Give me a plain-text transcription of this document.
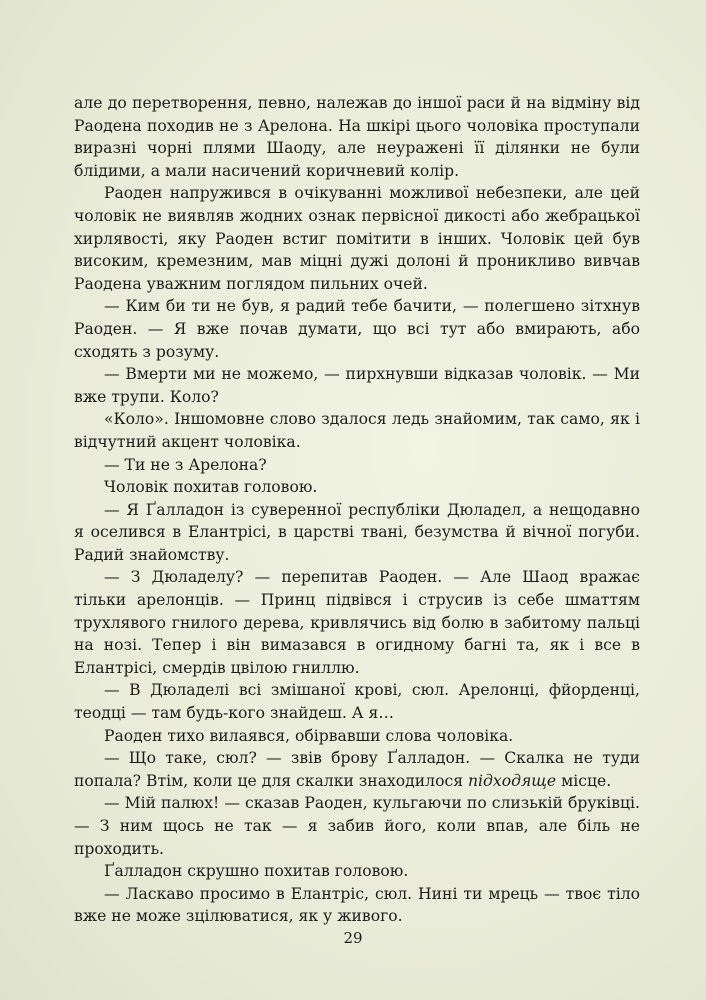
але до перетворення, певно, належав до іншої раси й на відміну від Раодена походив не з Арелона. На шкірі цього чоловіка проступали виразні чорні плями Шаоду, але неуражені її ділянки не були блідими, а мали насичений коричневий колір.

Раоден напружився в очікуванні можливої небезпеки, але цей чоловік не виявляв жодних ознак первісної дикості або жебрацької хирлявості, яку Раоден встиг помітити в інших. Чоловік цей був високим, кремезним, мав міцні дужі долоні й проникливо вивчав Раодена уважним поглядом пильних очей.

— Ким би ти не був, я радий тебе бачити, — полегшено зітхнув Раоден. — Я вже почав думати, що всі тут або вмирають, або сходять з розуму.

— Вмерти ми не можемо, — пирхнувши відказав чоловік. — Ми вже трупи. Коло?

«Коло». Іншомовне слово здалося ледь знайомим, так само, як і відчутний акцент чоловіка.

— Ти не з Арелона?

Чоловік похитав головою.

— Я Ґалладон із суверенної республіки Дюладел, а нещодавно я оселився в Елантрісі, в царстві твані, безумства й вічної погуби. Радий знайомству.

— З Дюладелу? — перепитав Раоден. — Але Шаод вражає тільки арелонців. — Принц підвівся і струсив із себе шматтям трухлявого гнилого дерева, кривлячись від болю в забитому пальці на нозі. Тепер і він вимазався в огидному багні та, як і все в Елантрісі, смердів цвілою гниллю.

— В Дюладелі всі змішаної крові, сюл. Арелонці, фйорденці, теодці — там будь-кого знайдеш. А я…

Раоден тихо вилаявся, обірвавши слова чоловіка.

— Що таке, сюл? — звів брову Ґалладон. — Скалка не туди попала? Втім, коли це для скалки знаходилося підходяще місце.

— Мій палюх! — сказав Раоден, кульгаючи по слизькій бруківці. — З ним щось не так — я забив його, коли впав, але біль не проходить.

Ґалладон скрушно похитав головою.

— Ласкаво просимо в Елантріс, сюл. Нині ти мрець — твоє тіло вже не може зцілюватися, як у живого.

29
